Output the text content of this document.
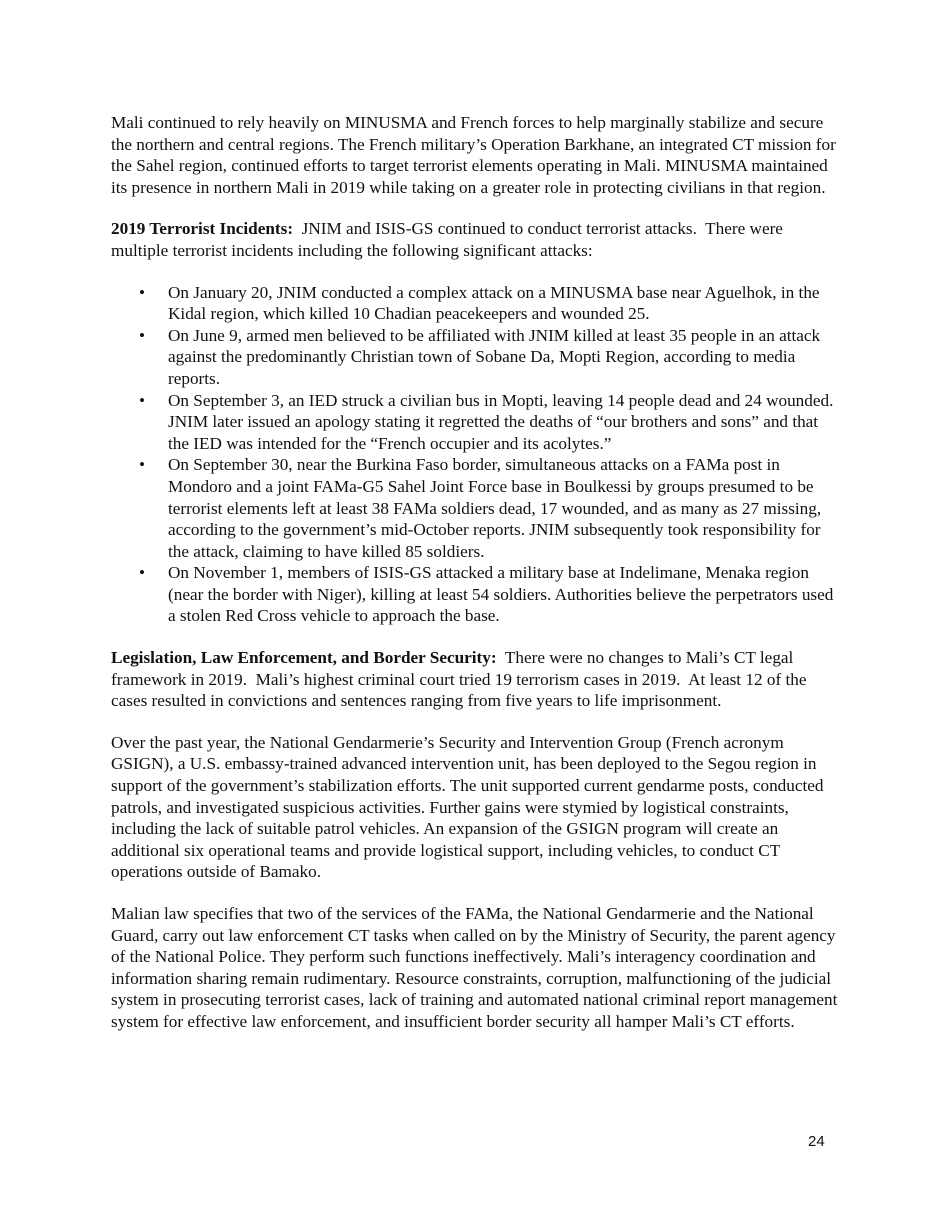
Mali continued to rely heavily on MINUSMA and French forces to help marginally stabilize and secure the northern and central regions. The French military’s Operation Barkhane, an integrated CT mission for the Sahel region, continued efforts to target terrorist elements operating in Mali. MINUSMA maintained its presence in northern Mali in 2019 while taking on a greater role in protecting civilians in that region.

2019 Terrorist Incidents:  JNIM and ISIS-GS continued to conduct terrorist attacks.  There were multiple terrorist incidents including the following significant attacks:

• On January 20, JNIM conducted a complex attack on a MINUSMA base near Aguelhok, in the Kidal region, which killed 10 Chadian peacekeepers and wounded 25.
• On June 9, armed men believed to be affiliated with JNIM killed at least 35 people in an attack against the predominantly Christian town of Sobane Da, Mopti Region, according to media reports.
• On September 3, an IED struck a civilian bus in Mopti, leaving 14 people dead and 24 wounded. JNIM later issued an apology stating it regretted the deaths of “our brothers and sons” and that the IED was intended for the “French occupier and its acolytes.”
• On September 30, near the Burkina Faso border, simultaneous attacks on a FAMa post in Mondoro and a joint FAMa-G5 Sahel Joint Force base in Boulkessi by groups presumed to be terrorist elements left at least 38 FAMa soldiers dead, 17 wounded, and as many as 27 missing, according to the government’s mid-October reports. JNIM subsequently took responsibility for the attack, claiming to have killed 85 soldiers.
• On November 1, members of ISIS-GS attacked a military base at Indelimane, Menaka region (near the border with Niger), killing at least 54 soldiers. Authorities believe the perpetrators used a stolen Red Cross vehicle to approach the base.

Legislation, Law Enforcement, and Border Security:  There were no changes to Mali’s CT legal framework in 2019.  Mali’s highest criminal court tried 19 terrorism cases in 2019.  At least 12 of the cases resulted in convictions and sentences ranging from five years to life imprisonment.

Over the past year, the National Gendarmerie’s Security and Intervention Group (French acronym GSIGN), a U.S. embassy-trained advanced intervention unit, has been deployed to the Segou region in support of the government’s stabilization efforts. The unit supported current gendarme posts, conducted patrols, and investigated suspicious activities. Further gains were stymied by logistical constraints, including the lack of suitable patrol vehicles. An expansion of the GSIGN program will create an additional six operational teams and provide logistical support, including vehicles, to conduct CT operations outside of Bamako.

Malian law specifies that two of the services of the FAMa, the National Gendarmerie and the National Guard, carry out law enforcement CT tasks when called on by the Ministry of Security, the parent agency of the National Police. They perform such functions ineffectively. Mali’s interagency coordination and information sharing remain rudimentary. Resource constraints, corruption, malfunctioning of the judicial system in prosecuting terrorist cases, lack of training and automated national criminal report management system for effective law enforcement, and insufficient border security all hamper Mali’s CT efforts.

24
